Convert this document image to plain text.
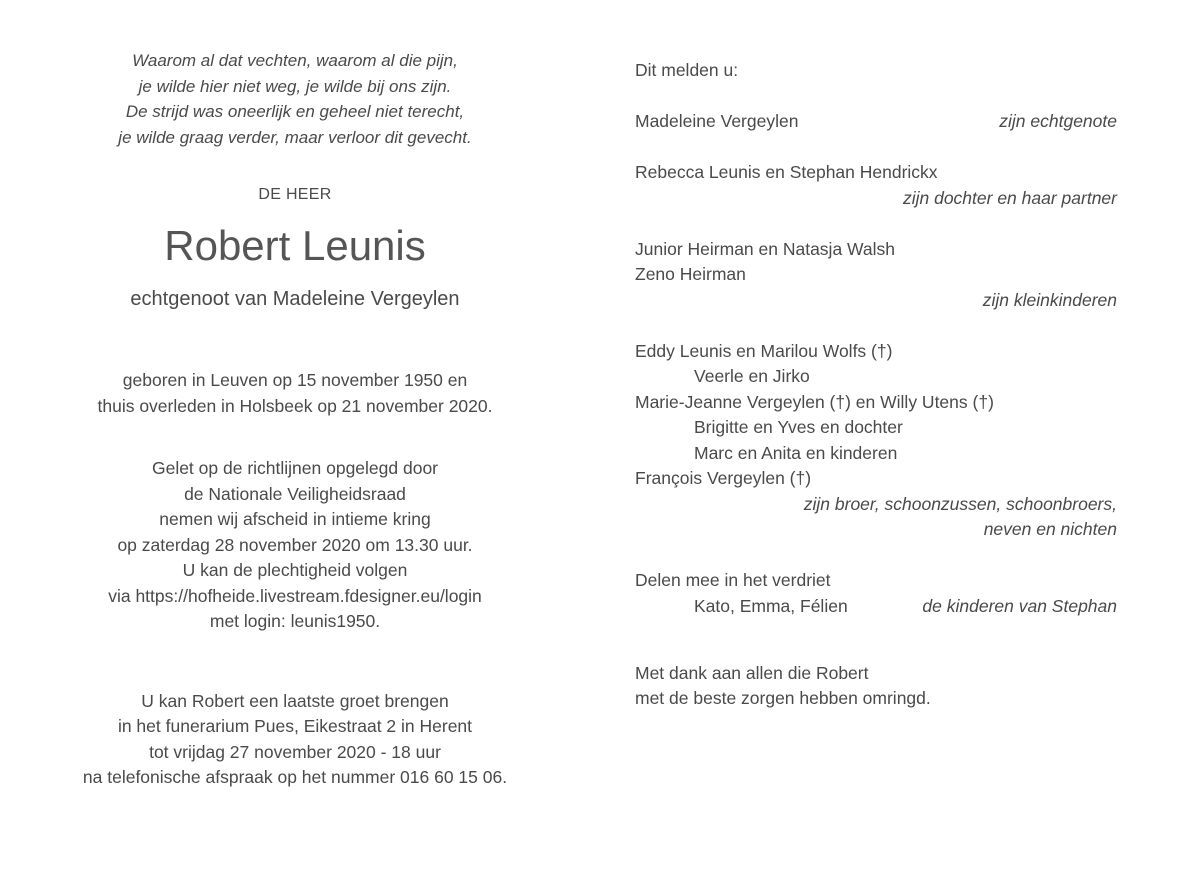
Waarom al dat vechten, waarom al die pijn,
je wilde hier niet weg, je wilde bij ons zijn.
De strijd was oneerlijk en geheel niet terecht,
je wilde graag verder, maar verloor dit gevecht.
DE HEER
Robert Leunis
echtgenoot van Madeleine Vergeylen
geboren in Leuven op 15 november 1950 en
thuis overleden in Holsbeek op 21 november 2020.
Gelet op de richtlijnen opgelegd door
de Nationale Veiligheidsraad
nemen wij afscheid in intieme kring
op zaterdag 28 november 2020 om 13.30 uur.
U kan de plechtigheid volgen
via https://hofheide.livestream.fdesigner.eu/login
met login: leunis1950.
U kan Robert een laatste groet brengen
in het funerarium Pues, Eikestraat 2 in Herent
tot vrijdag 27 november 2020 - 18 uur
na telefonische afspraak op het nummer 016 60 15 06.
Dit melden u:
Madeleine Vergeylen	zijn echtgenote
Rebecca Leunis en Stephan Hendrickx
zijn dochter en haar partner
Junior Heirman en Natasja Walsh
Zeno Heirman
zijn kleinkinderen
Eddy Leunis en Marilou Wolfs (†)
Veerle en Jirko
Marie-Jeanne Vergeylen (†) en Willy Utens (†)
Brigitte en Yves en dochter
Marc en Anita en kinderen
François Vergeylen (†)
zijn broer, schoonzussen, schoonbroers,
neven en nichten
Delen mee in het verdriet
Kato, Emma, Félien	de kinderen van Stephan
Met dank aan allen die Robert
met de beste zorgen hebben omringd.
